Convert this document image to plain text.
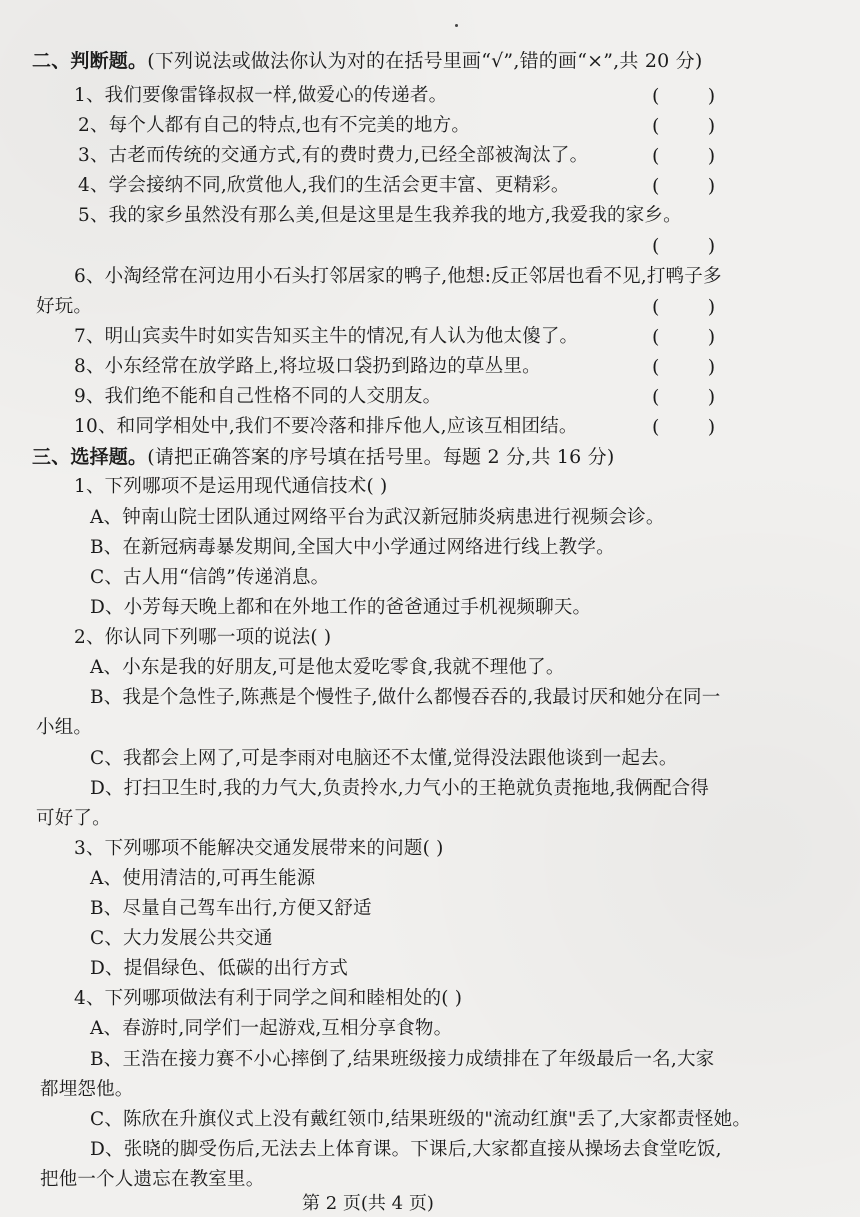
二、判断题。(下列说法或做法你认为对的在括号里画“√”,错的画“×”,共 20 分)
1、我们要像雷锋叔叔一样,做爱心的传递者。	(        )
2、每个人都有自己的特点,也有不完美的地方。	(        )
3、古老而传统的交通方式,有的费时费力,已经全部被淘汰了。	(        )
4、学会接纳不同,欣赏他人,我们的生活会更丰富、更精彩。	(        )
5、我的家乡虽然没有那么美,但是这里是生我养我的地方,我爱我的家乡。
(        )
6、小淘经常在河边用小石头打邻居家的鸭子,他想:反正邻居也看不见,打鸭子多
好玩。	(        )
7、明山宾卖牛时如实告知买主牛的情况,有人认为他太傻了。	(        )
8、小东经常在放学路上,将垃圾口袋扔到路边的草丛里。	(        )
9、我们绝不能和自己性格不同的人交朋友。	(        )
10、和同学相处中,我们不要冷落和排斥他人,应该互相团结。	(        )
三、选择题。(请把正确答案的序号填在括号里。每题 2 分,共 16 分)
1、下列哪项不是运用现代通信技术( )
A、钟南山院士团队通过网络平台为武汉新冠肺炎病患进行视频会诊。
B、在新冠病毒暴发期间,全国大中小学通过网络进行线上教学。
C、古人用“信鸽”传递消息。
D、小芳每天晚上都和在外地工作的爸爸通过手机视频聊天。
2、你认同下列哪一项的说法( )
A、小东是我的好朋友,可是他太爱吃零食,我就不理他了。
B、我是个急性子,陈燕是个慢性子,做什么都慢吞吞的,我最讨厌和她分在同一
小组。
C、我都会上网了,可是李雨对电脑还不太懂,觉得没法跟他谈到一起去。
D、打扫卫生时,我的力气大,负责拎水,力气小的王艳就负责拖地,我俩配合得
可好了。
3、下列哪项不能解决交通发展带来的问题( )
A、使用清洁的,可再生能源
B、尽量自己驾车出行,方便又舒适
C、大力发展公共交通
D、提倡绿色、低碳的出行方式
4、下列哪项做法有利于同学之间和睦相处的( )
A、春游时,同学们一起游戏,互相分享食物。
B、王浩在接力赛不小心摔倒了,结果班级接力成绩排在了年级最后一名,大家
都埋怨他。
C、陈欣在升旗仪式上没有戴红领巾,结果班级的"流动红旗"丢了,大家都责怪她。
D、张晓的脚受伤后,无法去上体育课。下课后,大家都直接从操场去食堂吃饭,
把他一个人遗忘在教室里。
第 2 页(共 4 页)
